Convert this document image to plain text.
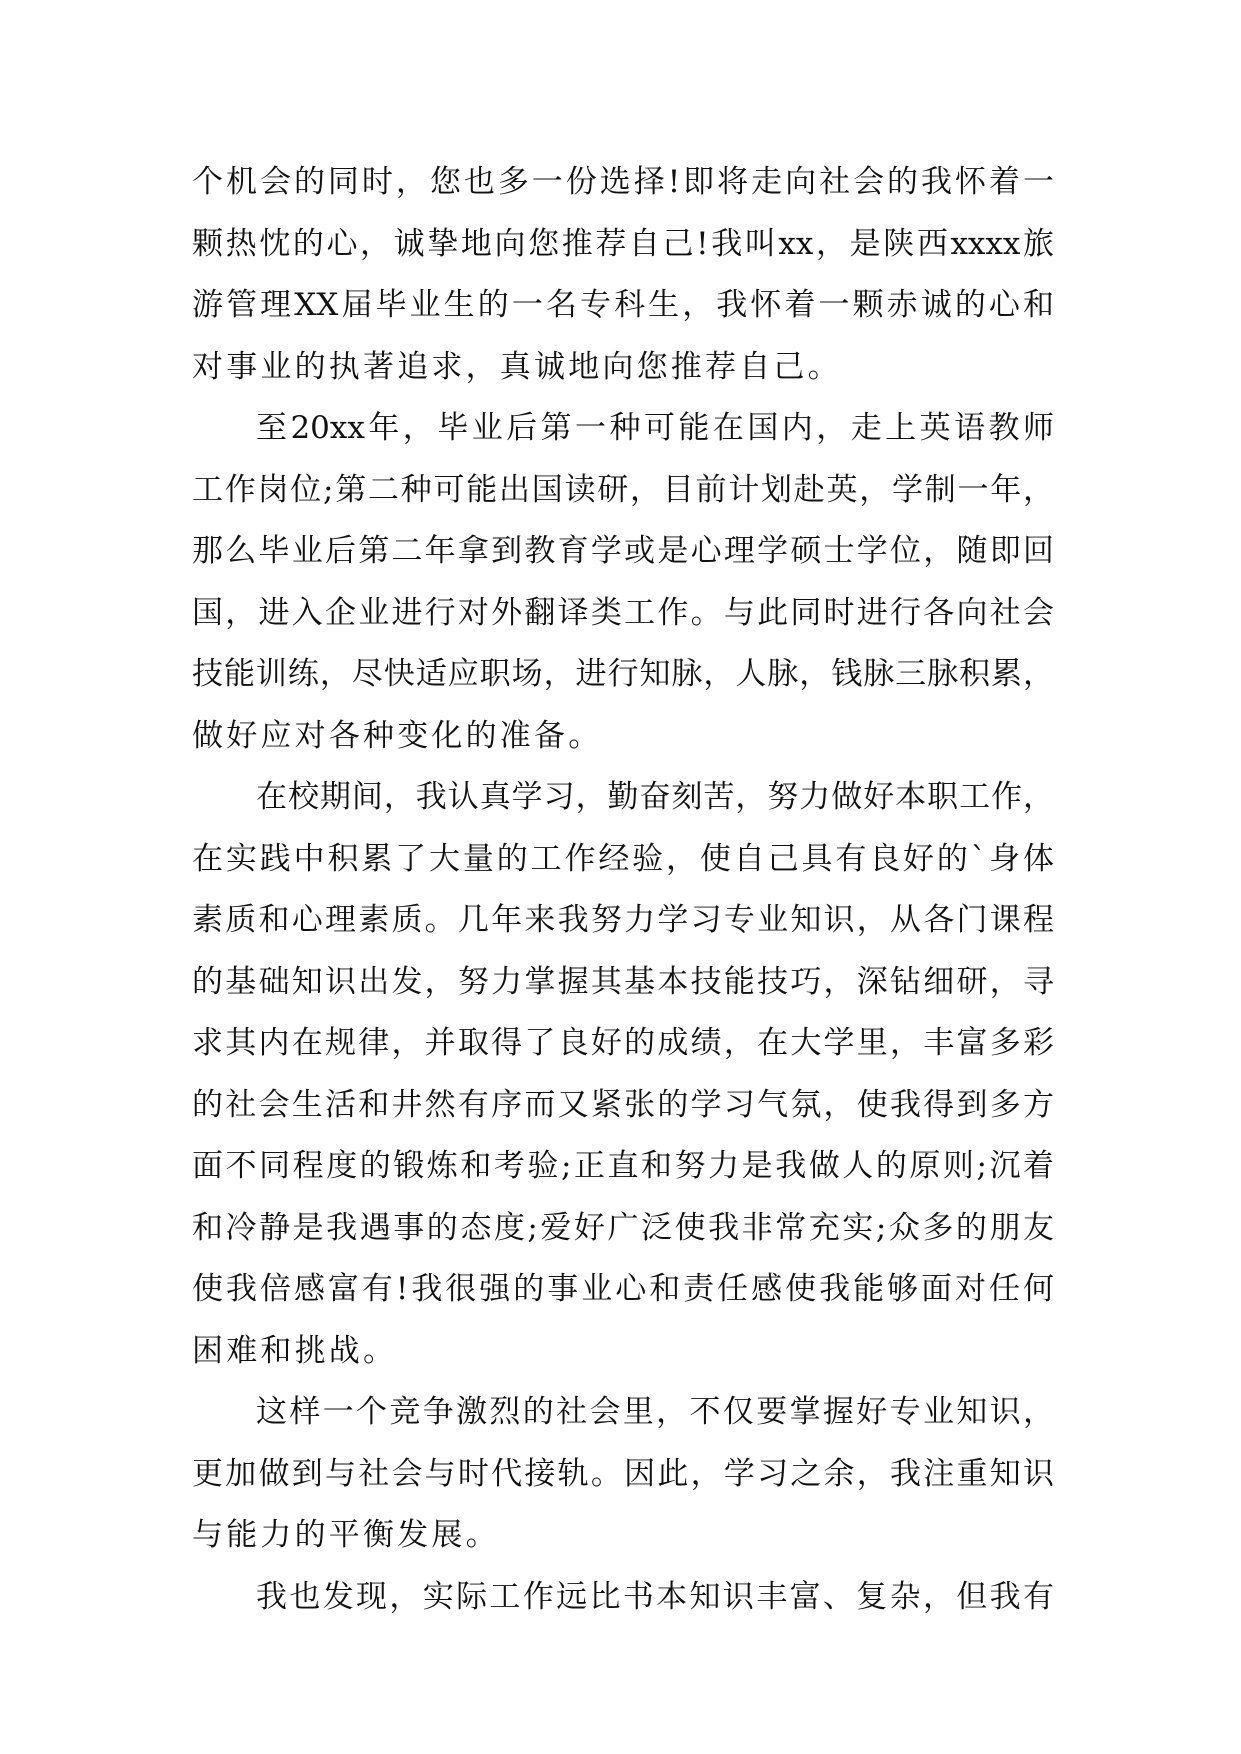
个机会的同时，您也多一份选择!即将走向社会的我怀着一
颗热忱的心，诚挚地向您推荐自己!我叫xx，是陕西xxxx旅
游管理XX届毕业生的一名专科生，我怀着一颗赤诚的心和
对事业的执著追求，真诚地向您推荐自己。
至20xx年，毕业后第一种可能在国内，走上英语教师
工作岗位;第二种可能出国读研，目前计划赴英，学制一年，
那么毕业后第二年拿到教育学或是心理学硕士学位，随即回
国，进入企业进行对外翻译类工作。与此同时进行各向社会
技能训练，尽快适应职场，进行知脉，人脉，钱脉三脉积累，
做好应对各种变化的准备。
在校期间，我认真学习，勤奋刻苦，努力做好本职工作，
在实践中积累了大量的工作经验，使自己具有良好的`身体
素质和心理素质。几年来我努力学习专业知识，从各门课程
的基础知识出发，努力掌握其基本技能技巧，深钻细研，寻
求其内在规律，并取得了良好的成绩，在大学里，丰富多彩
的社会生活和井然有序而又紧张的学习气氛，使我得到多方
面不同程度的锻炼和考验;正直和努力是我做人的原则;沉着
和冷静是我遇事的态度;爱好广泛使我非常充实;众多的朋友
使我倍感富有!我很强的事业心和责任感使我能够面对任何
困难和挑战。
这样一个竞争激烈的社会里，不仅要掌握好专业知识，
更加做到与社会与时代接轨。因此，学习之余，我注重知识
与能力的平衡发展。
我也发现，实际工作远比书本知识丰富、复杂，但我有
